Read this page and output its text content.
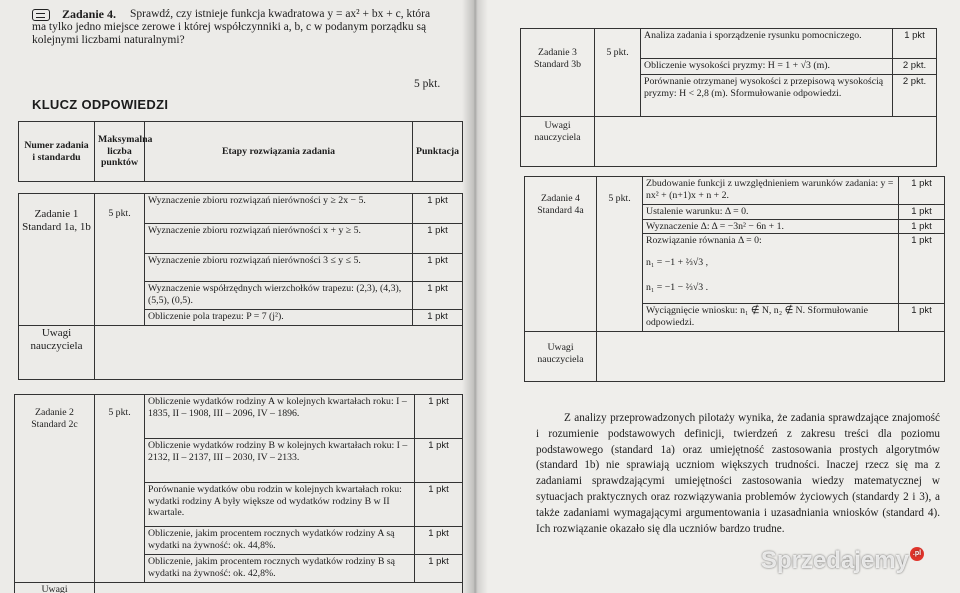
Zadanie 4.	Sprawdź, czy istnieje funkcja kwadratowa y = ax² + bx + c, która ma tylko jedno miejsce zerowe i której współczynniki a, b, c w podanym porządku są kolejnymi liczbami naturalnymi?
5 pkt.
KLUCZ ODPOWIEDZI
Numer zadania i standardu	Maksymalna liczba punktów	Etapy rozwiązania zadania	Punktacja
Zadanie 1 Standard 1a, 1b	5 pkt.	Wyznaczenie zbioru rozwiązań nierówności y ≥ 2x − 5.	1 pkt
		Wyznaczenie zbioru rozwiązań nierówności x + y ≥ 5.	1 pkt
		Wyznaczenie zbioru rozwiązań nierówności 3 ≤ y ≤ 5.	1 pkt
		Wyznaczenie współrzędnych wierzchołków trapezu: (2,3), (4,3), (5,5), (0,5).	1 pkt
		Obliczenie pola trapezu: P = 7 (j²).	1 pkt
Uwagi nauczyciela			
Zadanie 2 Standard 2c	5 pkt.	Obliczenie wydatków rodziny A w kolejnych kwartałach roku: I – 1835, II – 1908, III – 2096, IV – 1896.	1 pkt
		Obliczenie wydatków rodziny B w kolejnych kwartałach roku: I – 2132, II – 2137, III – 2030, IV – 2133.	1 pkt
		Porównanie wydatków obu rodzin w kolejnych kwartałach roku: wydatki rodziny A były większe od wydatków rodziny B w II kwartale.	1 pkt
		Obliczenie, jakim procentem rocznych wydatków rodziny A są wydatki na żywność: ok. 44,8%.	1 pkt
		Obliczenie, jakim procentem rocznych wydatków rodziny B są wydatki na żywność: ok. 42,8%.	1 pkt
Uwagi			
Zadanie 3 Standard 3b	5 pkt.	Analiza zadania i sporządzenie rysunku pomocniczego.	1 pkt
		Obliczenie wysokości pryzmy: H = 1 + √3 (m).	2 pkt.
		Porównanie otrzymanej wysokości z przepisową wysokością pryzmy: H < 2,8 (m). Sformułowanie odpowiedzi.	2 pkt.
Uwagi nauczyciela			
Zadanie 4 Standard 4a	5 pkt.	Zbudowanie funkcji z uwzględnieniem warunków zadania: y = nx² + (n+1)x + n + 2.	1 pkt
		Ustalenie warunku: Δ = 0.	1 pkt
		Wyznaczenie Δ: Δ = −3n² − 6n + 1.	1 pkt

		Rozwiązanie równania Δ = 0:
n₁ = −1 + ⅔√3 ,
n₁ = −1 − ⅔√3 .	1 pkt
		Wyciągnięcie wniosku: n₁ ∉ N, n₂ ∉ N. Sformułowanie odpowiedzi.	1 pkt
Uwagi nauczyciela			
Z analizy przeprowadzonych pilotaży wynika, że zadania sprawdzające znajomość i rozumienie podstawowych definicji, twierdzeń z zakresu treści dla poziomu podstawowego (standard 1a) oraz umiejętność zastosowania prostych algorytmów (standard 1b) nie sprawiają uczniom większych trudności. Inaczej rzecz się ma z zadaniami sprawdzającymi umiejętności zastosowania wiedzy matematycznej w sytuacjach praktycznych oraz rozwiązywania problemów życiowych (standardy 2 i 3), a także zadaniami wymagającymi argumentowania i uzasadniania wniosków (standard 4). Ich rozwiązanie okazało się dla uczniów bardzo trudne.
Sprzedajemy .pl
